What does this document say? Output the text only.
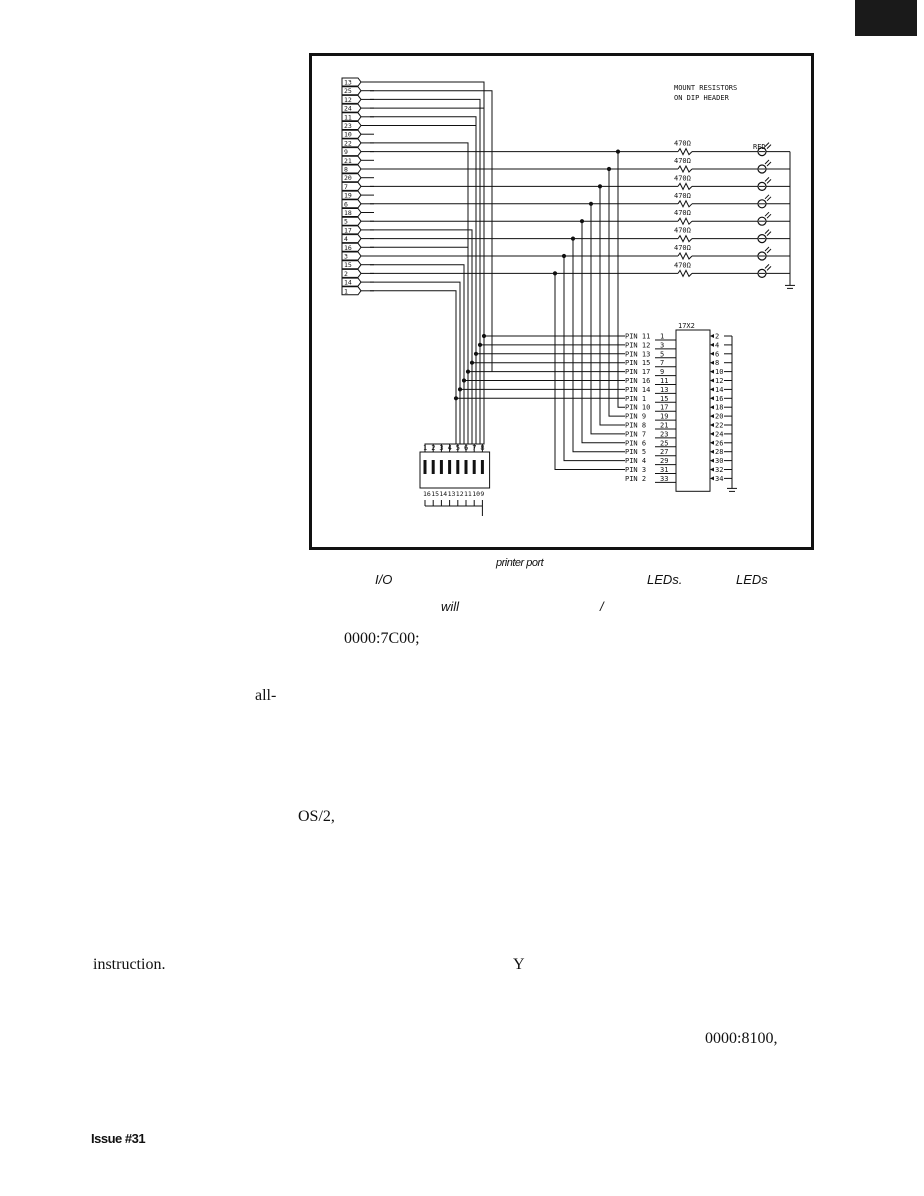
13
25
12
24
11
23
10
22
9
21
8
20
7
19
6
18
5
17
4
16
3
15
2
14
1
470Ω
470Ω
470Ω
470Ω
470Ω
470Ω
470Ω
470Ω
PIN 11 1	2
PIN 12 3	4
PIN 13 5	6
PIN 15 7	8
PIN 17 9	10
PIN 16 11	12
PIN 14 13	14
PIN 1 15	16
PIN 10 17	18
PIN 9 19	20
PIN 8 21	22
PIN 7 23	24
PIN 6 25	26
PIN 5 27	28
PIN 4 29	30
PIN 3 31	32
PIN 2 33	34
1
16
2
15
3
14
4
13
5
12
6
11
7
10
8
9
MOUNT RESISTORS
ON DIP HEADER
RED
17X2
printer port
I/O	LEDs.	LEDs
will	/
0000:7C00;
all-
OS/2,
instruction.	Y
0000:8100,
Issue #31
